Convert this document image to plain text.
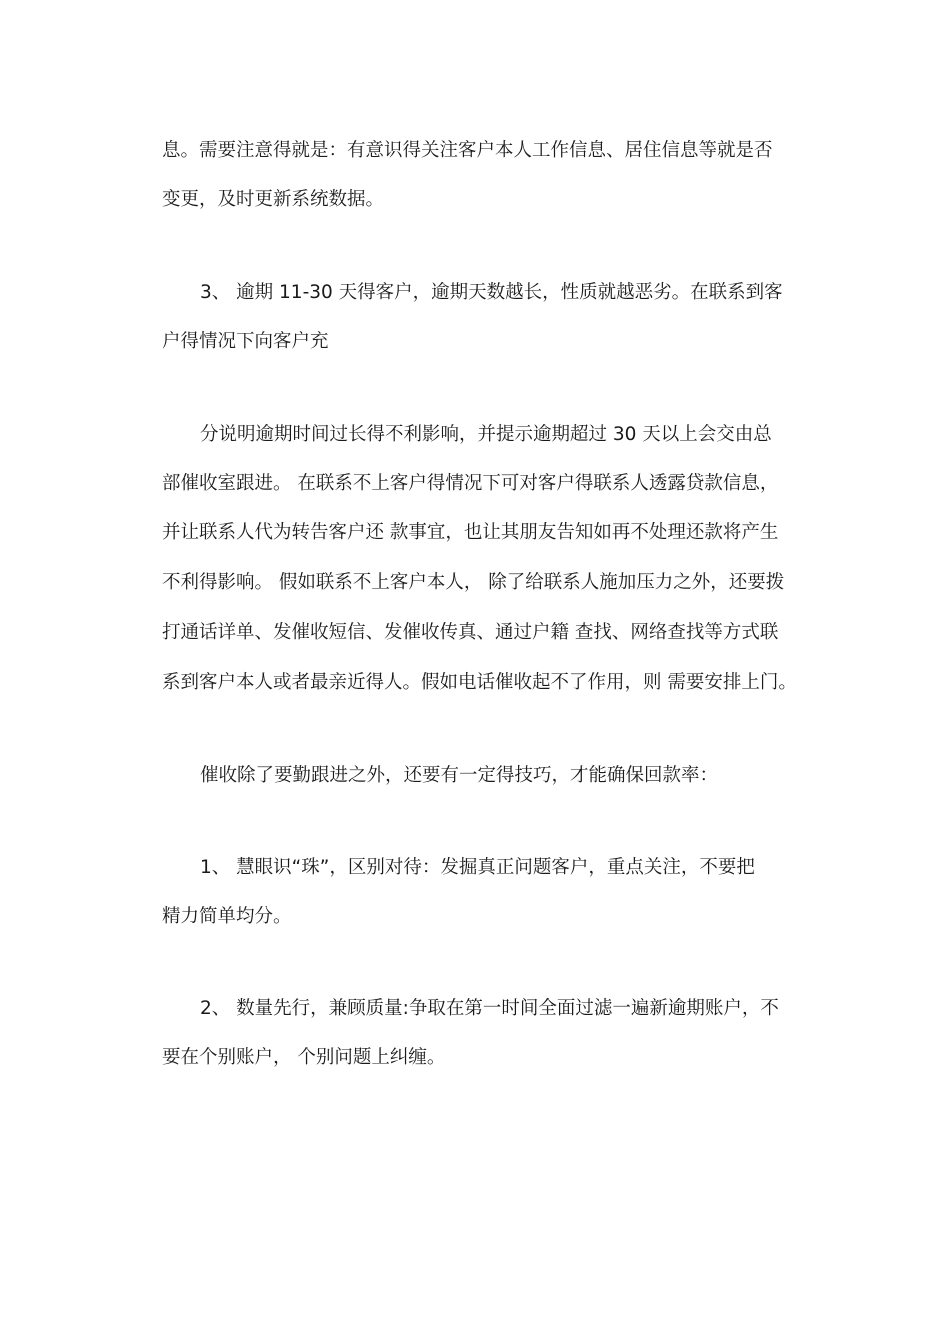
息。需要注意得就是：有意识得关注客户本人工作信息、居住信息等就是否
变更，及时更新系统数据。
3、 逾期 11-30 天得客户，逾期天数越长，性质就越恶劣。在联系到客
户得情况下向客户充
分说明逾期时间过长得不利影响，并提示逾期超过 30 天以上会交由总
部催收室跟进。 在联系不上客户得情况下可对客户得联系人透露贷款信息，
并让联系人代为转告客户还 款事宜，也让其朋友告知如再不处理还款将产生
不利得影响。 假如联系不上客户本人， 除了给联系人施加压力之外，还要拨
打通话详单、发催收短信、发催收传真、通过户籍 查找、网络查找等方式联
系到客户本人或者最亲近得人。假如电话催收起不了作用，则 需要安排上门。
催收除了要勤跟进之外，还要有一定得技巧，才能确保回款率：
1、 慧眼识“珠”，区别对待：发掘真正问题客户，重点关注，不要把
精力简单均分。
2、 数量先行，兼顾质量:争取在第一时间全面过滤一遍新逾期账户，不
要在个别账户， 个别问题上纠缠。
